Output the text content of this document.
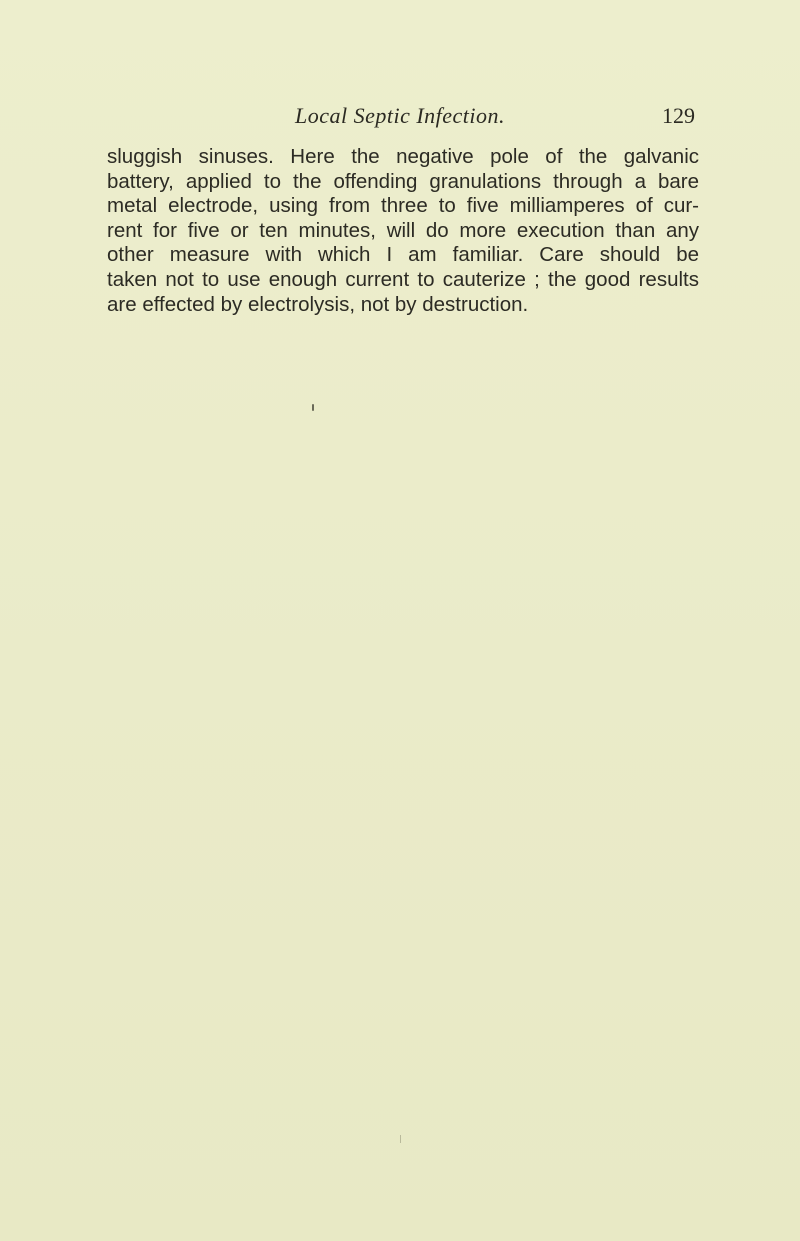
Local Septic Infection.	129
sluggish sinuses. Here the negative pole of the galvanic
battery, applied to the offending granulations through a bare
metal electrode, using from three to five milliamperes of cur-
rent for five or ten minutes, will do more execution than any
other measure with which I am familiar. Care should be
taken not to use enough current to cauterize ; the good results
are effected by electrolysis, not by destruction.
